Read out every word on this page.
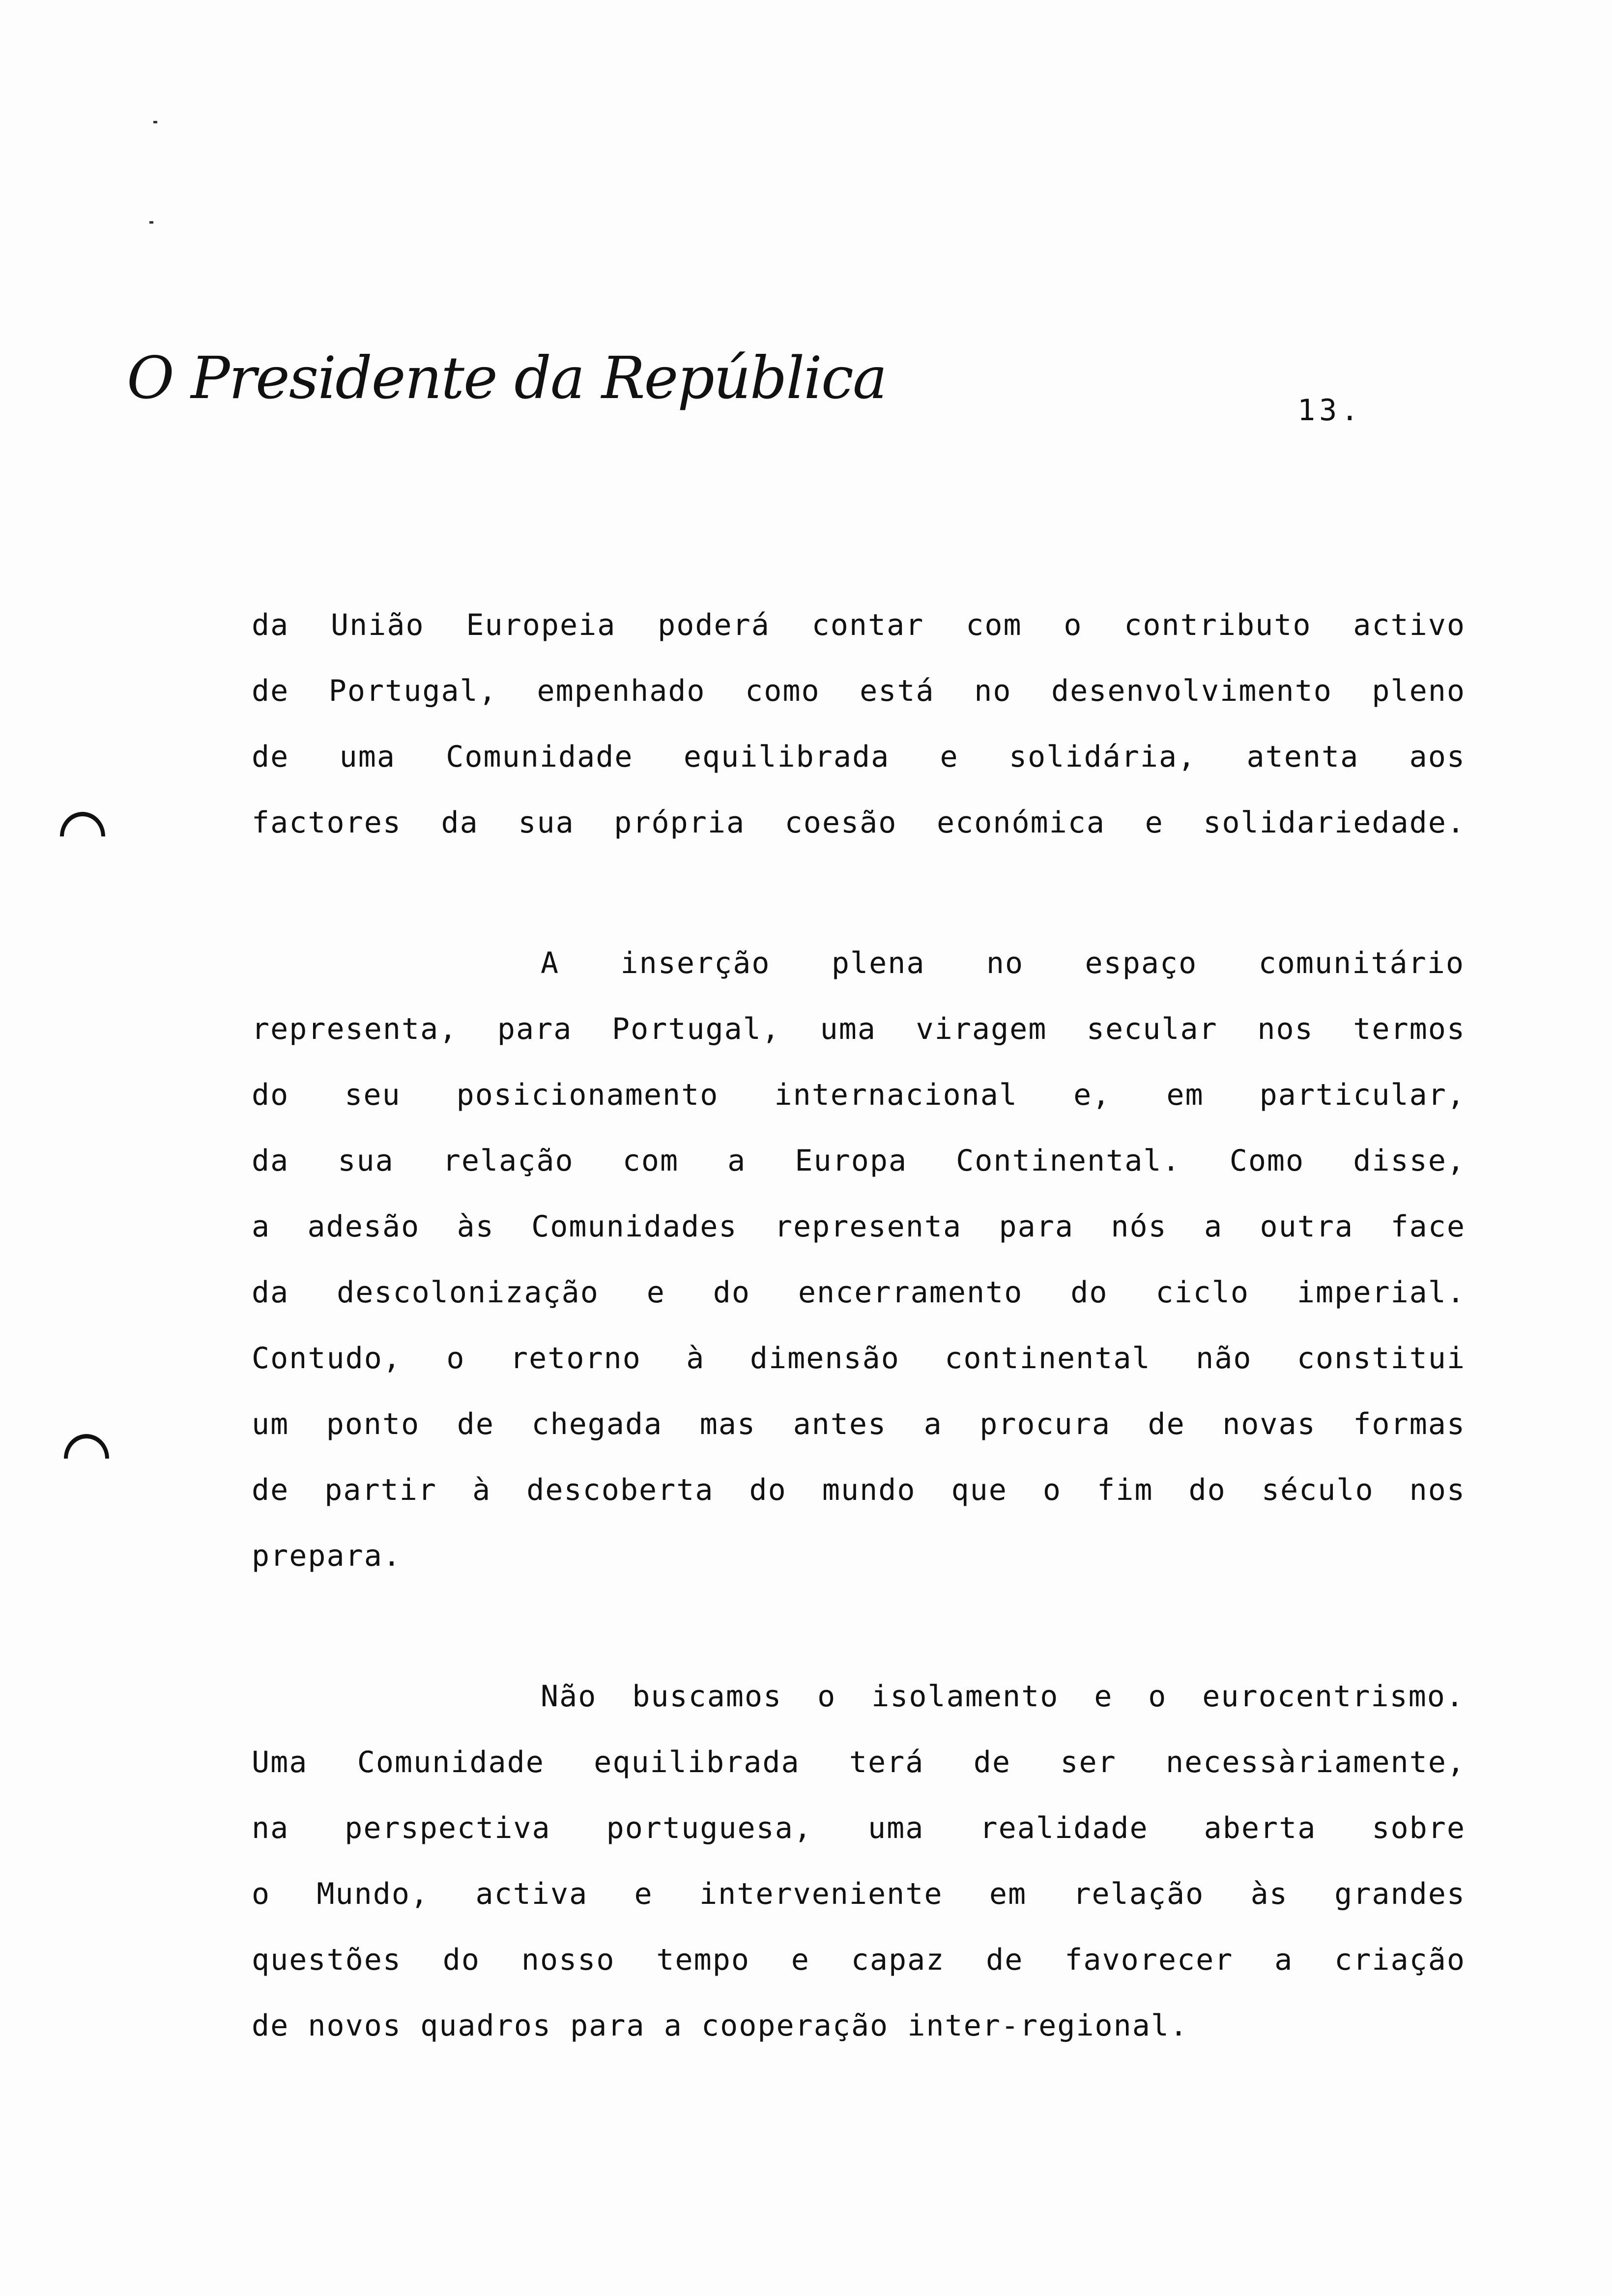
O Presidente da República	13.
da União Europeia poderá contar com o contributo activo
de Portugal, empenhado como está no desenvolvimento pleno
de uma Comunidade equilibrada e solidária, atenta aos
factores da sua própria coesão económica e solidariedade.
A inserção plena no espaço comunitário
representa, para Portugal, uma viragem secular nos termos
do seu posicionamento internacional e, em particular,
da sua relação com a Europa Continental. Como disse,
a adesão às Comunidades representa para nós a outra face
da descolonização e do encerramento do ciclo imperial.
Contudo, o retorno à dimensão continental não constitui
um ponto de chegada mas antes a procura de novas formas
de partir à descoberta do mundo que o fim do século nos
prepara.
Não buscamos o isolamento e o eurocentrismo.
Uma Comunidade equilibrada terá de ser necessàriamente,
na perspectiva portuguesa, uma realidade aberta sobre
o Mundo, activa e interveniente em relação às grandes
questões do nosso tempo e capaz de favorecer a criação
de novos quadros para a cooperação inter-regional.
